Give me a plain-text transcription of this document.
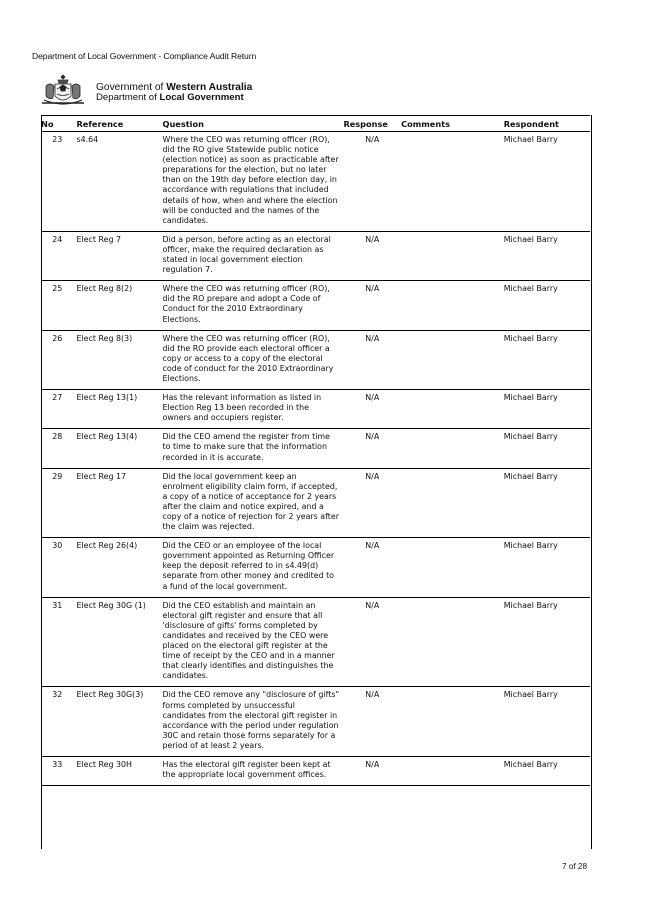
Department of Local Government - Compliance Audit Return
Government of Western Australia
Department of Local Government
No	Reference	Question	Response	Comments	Respondent
23	s4.64	Where the CEO was returning officer (RO), did the RO give Statewide public notice (election notice) as soon as practicable after preparations for the election, but no later than on the 19th day before election day, in accordance with regulations that included details of how, when and where the election will be conducted and the names of the candidates.	N/A		Michael Barry
24	Elect Reg 7	Did a person, before acting as an electoral officer, make the required declaration as stated in local government election regulation 7.	N/A		Michael Barry
25	Elect Reg 8(2)	Where the CEO was returning officer (RO), did the RO prepare and adopt a Code of Conduct for the 2010 Extraordinary Elections.	N/A		Michael Barry
26	Elect Reg 8(3)	Where the CEO was returning officer (RO), did the RO provide each electoral officer a copy or access to a copy of the electoral code of conduct for the 2010 Extraordinary Elections.	N/A		Michael Barry
27	Elect Reg 13(1)	Has the relevant information as listed in Election Reg 13 been recorded in the owners and occupiers register.	N/A		Michael Barry
28	Elect Reg 13(4)	Did the CEO amend the register from time to time to make sure that the information recorded in it is accurate.	N/A		Michael Barry
29	Elect Reg 17	Did the local government keep an enrolment eligibility claim form, if accepted, a copy of a notice of acceptance for 2 years after the claim and notice expired, and a copy of a notice of rejection for 2 years after the claim was rejected.	N/A		Michael Barry
30	Elect Reg 26(4)	Did the CEO or an employee of the local government appointed as Returning Officer keep the deposit referred to in s4.49(d) separate from other money and credited to a fund of the local government.	N/A		Michael Barry
31	Elect Reg 30G (1)	Did the CEO establish and maintain an electoral gift register and ensure that all 'disclosure of gifts' forms completed by candidates and received by the CEO were placed on the electoral gift register at the time of receipt by the CEO and in a manner that clearly identifies and distinguishes the candidates.	N/A		Michael Barry
32	Elect Reg 30G(3)	Did the CEO remove any "disclosure of gifts" forms completed by unsuccessful candidates from the electoral gift register in accordance with the period under regulation 30C and retain those forms separately for a period of at least 2 years.	N/A		Michael Barry
33	Elect Reg 30H	Has the electoral gift register been kept at the appropriate local government offices.	N/A		Michael Barry
7 of 28
